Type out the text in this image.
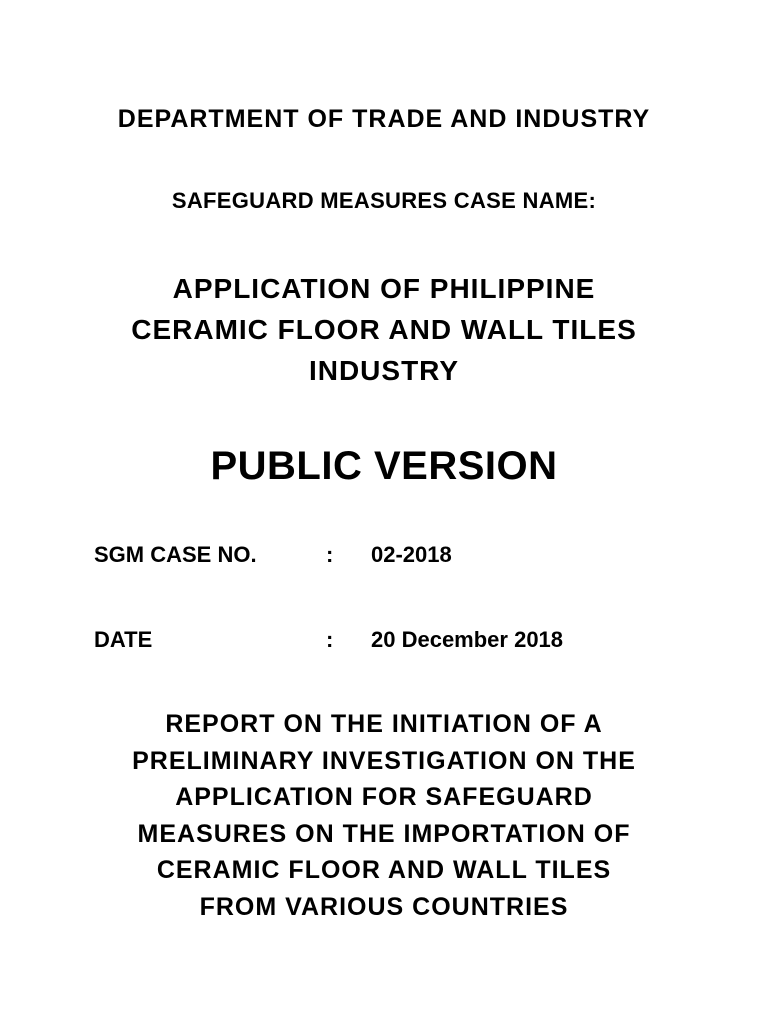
DEPARTMENT OF TRADE AND INDUSTRY

SAFEGUARD MEASURES CASE NAME:

APPLICATION OF PHILIPPINE
CERAMIC FLOOR AND WALL TILES
INDUSTRY
PUBLIC VERSION
SGM CASE NO.	: 02-2018
DATE	: 20 December 2018
REPORT ON THE INITIATION OF A
PRELIMINARY INVESTIGATION ON THE
APPLICATION FOR SAFEGUARD
MEASURES ON THE IMPORTATION OF
CERAMIC FLOOR AND WALL TILES
FROM VARIOUS COUNTRIES
